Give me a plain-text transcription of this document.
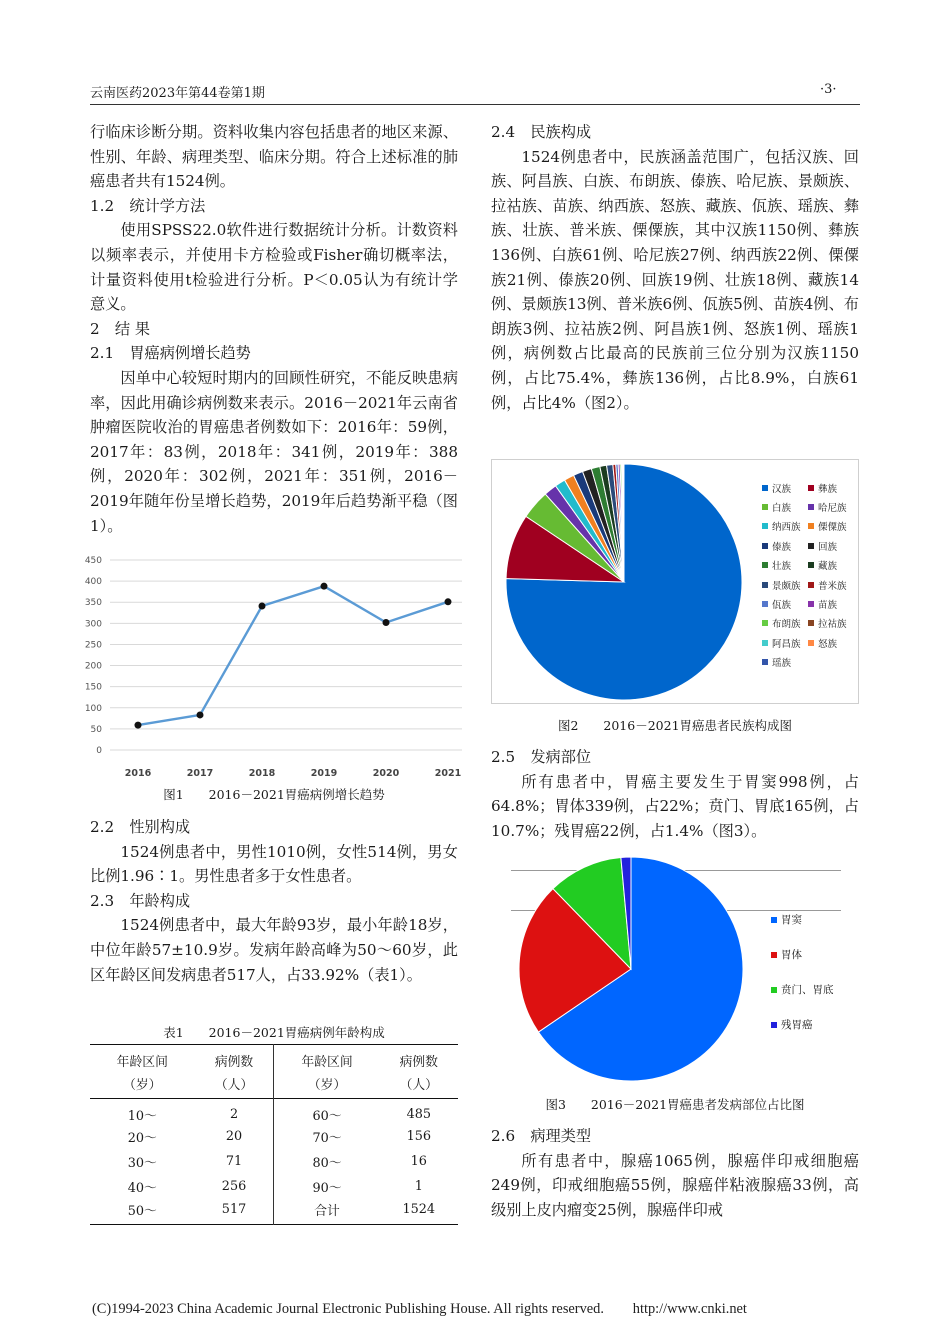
云南医药2023年第44卷第1期	·3·

行临床诊断分期。资料收集内容包括患者的地区来源、性别、年龄、病理类型、临床分期。符合上述标准的肺癌患者共有1524例。

1.2　统计学方法

使用SPSS22.0软件进行数据统计分析。计数资料以频率表示，并使用卡方检验或Fisher确切概率法，计量资料使用t检验进行分析。P＜0.05认为有统计学意义。

2　结 果

2.1　胃癌病例增长趋势

因单中心较短时期内的回顾性研究，不能反映患病率，因此用确诊病例数来表示。2016－2021年云南省肿瘤医院收治的胃癌患者例数如下：2016年：59例，2017年：83例，2018年：341例，2019年：388例，2020年：302例，2021年：351例，2016－2019年随年份呈增长趋势，2019年后趋势渐平稳（图1）。

0
50
100
150
200
250
300
350
400
450
2016	2017	2018	2019	2020	2021
图1　　2016－2021胃癌病例增长趋势

2.2　性别构成

1524例患者中，男性1010例，女性514例，男女比例1.96∶1。男性患者多于女性患者。

2.3　年龄构成

1524例患者中，最大年龄93岁，最小年龄18岁，中位年龄57±10.9岁。发病年龄高峰为50～60岁，此区年龄区间发病患者517人，占33.92%（表1）。

表1　　2016－2021胃癌病例年龄构成
年龄区间	病例数	年龄区间	病例数
（岁）	（人）	（岁）	（人）
10～	2	60～	485
20～	20	70～	156
30～	71	80～	16
40～	256	90～	1
50～	517	合计	1524

2.4　民族构成

1524例患者中，民族涵盖范围广，包括汉族、回族、阿昌族、白族、布朗族、傣族、哈尼族、景颇族、拉祜族、苗族、纳西族、怒族、藏族、佤族、瑶族、彝族、壮族、普米族、傈僳族，其中汉族1150例、彝族136例、白族61例、哈尼族27例、纳西族22例、傈僳族21例、傣族20例、回族19例、壮族18例、藏族14例、景颇族13例、普米族6例、佤族5例、苗族4例、布朗族3例、拉祜族2例、阿昌族1例、怒族1例、瑶族1例，病例数占比最高的民族前三位分别为汉族1150例，占比75.4%，彝族136例，占比8.9%，白族61例，占比4%（图2）。

汉族	彝族
白族	哈尼族
纳西族 傈僳族
傣族	回族
壮族	藏族
景颇族 普米族
佤族	苗族
布朗族 拉祜族
阿昌族 怒族
瑶族
图2　　2016－2021胃癌患者民族构成图

2.5　发病部位

所有患者中，胃癌主要发生于胃窦998例，占64.8%；胃体339例，占22%；贲门、胃底165例，占10.7%；残胃癌22例，占1.4%（图3）。

胃窦
胃体
贲门、胃底
残胃癌
图3　　2016－2021胃癌患者发病部位占比图

2.6　病理类型

所有患者中，腺癌1065例，腺癌伴印戒细胞癌249例，印戒细胞癌55例，腺癌伴粘液腺癌33例，高级别上皮内瘤变25例，腺癌伴印戒

(C)1994-2023 China Academic Journal Electronic Publishing House. All rights reserved.　　http://www.cnki.net
